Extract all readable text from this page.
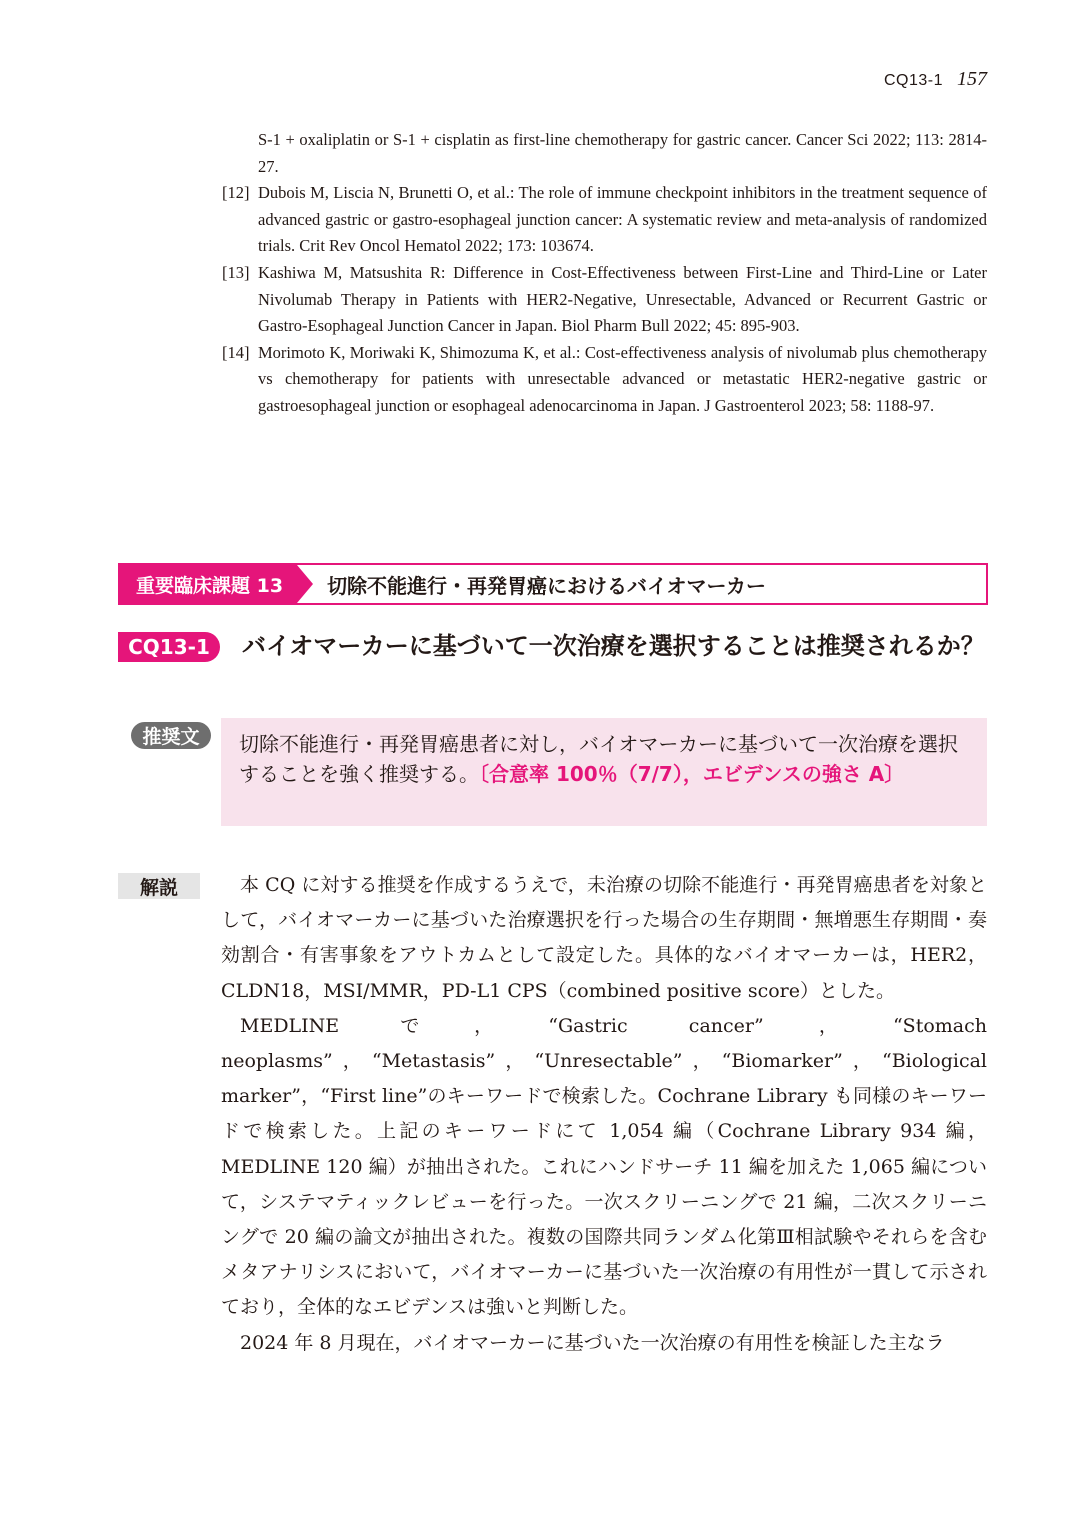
CQ13-1 157
S-1 + oxaliplatin or S-1 + cisplatin as first-line chemotherapy for gastric cancer. Cancer Sci 2022; 113: 2814-27.
[12] Dubois M, Liscia N, Brunetti O, et al.: The role of immune checkpoint inhibitors in the treatment sequence of advanced gastric or gastro-esophageal junction cancer: A systematic review and meta-analysis of randomized trials. Crit Rev Oncol Hematol 2022; 173: 103674.
[13] Kashiwa M, Matsushita R: Difference in Cost-Effectiveness between First-Line and Third-Line or Later Nivolumab Therapy in Patients with HER2-Negative, Unresectable, Advanced or Recurrent Gastric or Gastro-Esophageal Junction Cancer in Japan. Biol Pharm Bull 2022; 45: 895-903.
[14] Morimoto K, Moriwaki K, Shimozuma K, et al.: Cost-effectiveness analysis of nivolumab plus chemotherapy vs chemotherapy for patients with unresectable advanced or metastatic HER2-negative gastric or gastroesophageal junction or esophageal adenocarcinoma in Japan. J Gastroenterol 2023; 58: 1188-97.
重要臨床課題 13	切除不能進行・再発胃癌におけるバイオマーカー
CQ13-1	バイオマーカーに基づいて一次治療を選択することは推奨されるか？
推奨文	切除不能進行・再発胃癌患者に対し，バイオマーカーに基づいて一次治療を選択することを強く推奨する。〔合意率 100％（7/7），エビデンスの強さ A〕
解説	本 CQ に対する推奨を作成するうえで，未治療の切除不能進行・再発胃癌患者を対象として，バイオマーカーに基づいた治療選択を行った場合の生存期間・無増悪生存期間・奏効割合・有害事象をアウトカムとして設定した。具体的なバイオマーカーは，HER2，CLDN18，MSI/MMR，PD-L1 CPS（combined positive score）とした。

MEDLINE で，“Gastric cancer”，“Stomach neoplasms”，“Metastasis”，“Unresectable”，“Biomarker”，“Biological marker”，“First line”のキーワードで検索した。Cochrane Library も同様のキーワードで検索した。上記のキーワードにて 1,054 編（Cochrane Library 934 編，MEDLINE 120 編）が抽出された。これにハンドサーチ 11 編を加えた 1,065 編について，システマティックレビューを行った。一次スクリーニングで 21 編，二次スクリーニングで 20 編の論文が抽出された。複数の国際共同ランダム化第Ⅲ相試験やそれらを含むメタアナリシスにおいて，バイオマーカーに基づいた一次治療の有用性が一貫して示されており，全体的なエビデンスは強いと判断した。

2024 年 8 月現在，バイオマーカーに基づいた一次治療の有用性を検証した主なラ
